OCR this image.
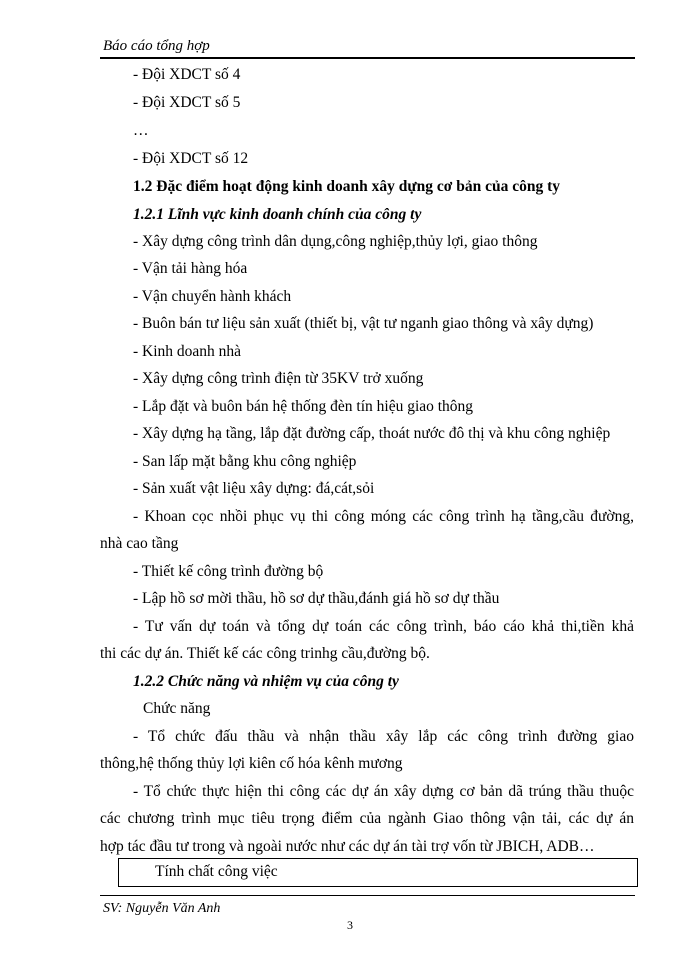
Báo cáo tổng hợp
- Đội XDCT số 4
- Đội XDCT số 5
…
- Đội XDCT số 12
1.2 Đặc điểm hoạt động kinh doanh xây dựng cơ bản của công ty
1.2.1 Lĩnh vực kinh doanh chính của công ty
- Xây dựng công trình dân dụng,công nghiệp,thủy lợi, giao thông
- Vận tải hàng hóa
- Vận chuyển hành khách
- Buôn bán tư liệu sản xuất (thiết bị, vật tư nganh giao thông và xây dựng)
- Kinh doanh nhà
- Xây dựng công trình điện từ 35KV trở xuống
- Lắp đặt và buôn bán hệ thống đèn tín hiệu giao thông
- Xây dựng hạ tầng, lắp đặt đường cấp, thoát nước đô thị và khu công nghiệp
- San lấp mặt bằng khu công nghiệp
- Sản xuất vật liệu xây dựng: đá,cát,sỏi
- Khoan cọc nhồi phục vụ thi công móng các công trình hạ tầng,cầu đường,
nhà cao tầng
- Thiết kế công trình đường bộ
- Lập hồ sơ mời thầu, hồ sơ dự thầu,đánh giá hồ sơ dự thầu
- Tư vấn dự toán và tổng dự toán các công trình, báo cáo khả thi,tiền khả
thi các dự án. Thiết kế các công trinhg cầu,đường bộ.
1.2.2 Chức năng và nhiệm vụ của công ty
Chức năng
- Tổ chức đấu thầu và nhận thầu xây lắp các công trình đường giao
thông,hệ thống thủy lợi kiên cố hóa kênh mương
- Tổ chức thực hiện thi công các dự án xây dựng cơ bản dã trúng thầu thuộc
các chương trình mục tiêu trọng điểm của ngành Giao thông vận tải, các dự án
hợp tác đầu tư trong và ngoài nước như các dự án tài trợ vốn từ JBICH, ADB…
Tính chất công việc
SV: Nguyễn Văn Anh
3
